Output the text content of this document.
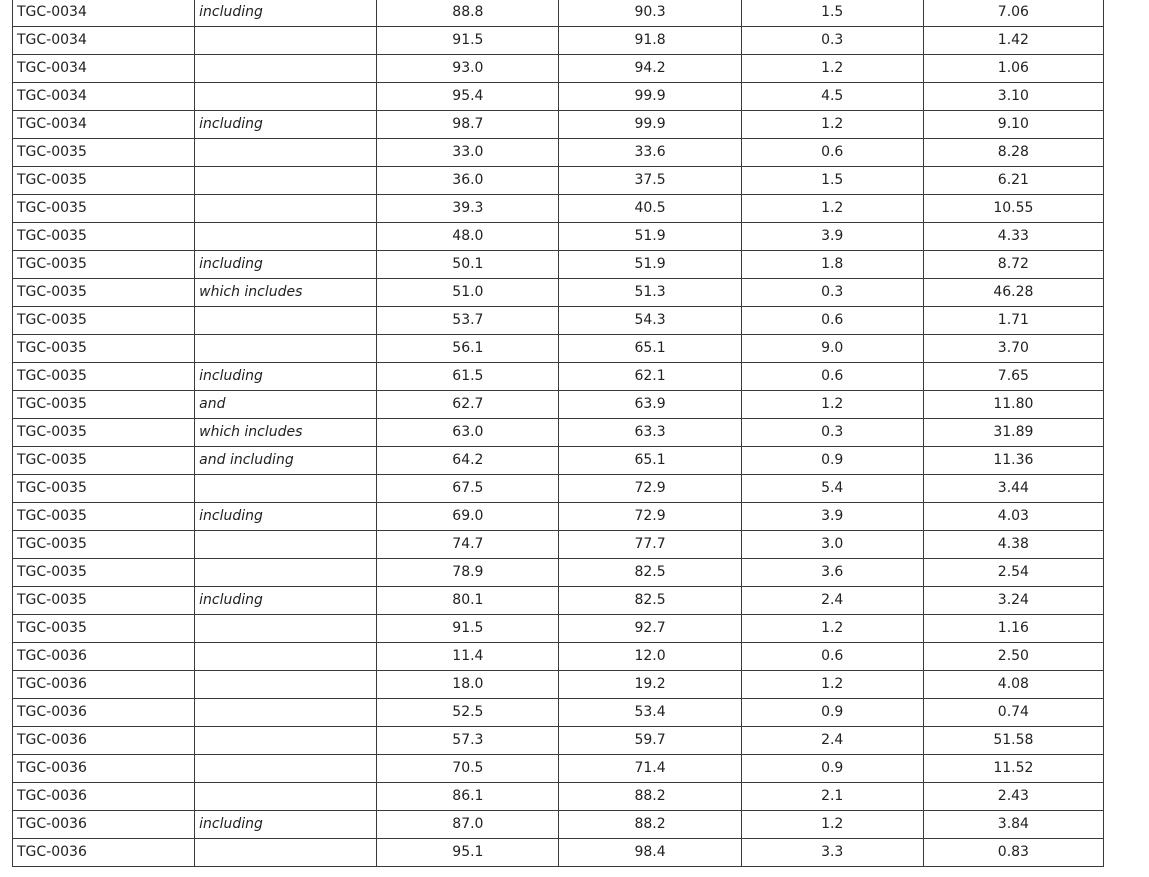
TGC-0034	including	88.8	90.3	1.5	7.06
TGC-0034		91.5	91.8	0.3	1.42
TGC-0034		93.0	94.2	1.2	1.06
TGC-0034		95.4	99.9	4.5	3.10
TGC-0034	including	98.7	99.9	1.2	9.10
TGC-0035		33.0	33.6	0.6	8.28
TGC-0035		36.0	37.5	1.5	6.21
TGC-0035		39.3	40.5	1.2	10.55
TGC-0035		48.0	51.9	3.9	4.33
TGC-0035	including	50.1	51.9	1.8	8.72
TGC-0035	which includes	51.0	51.3	0.3	46.28
TGC-0035		53.7	54.3	0.6	1.71
TGC-0035		56.1	65.1	9.0	3.70
TGC-0035	including	61.5	62.1	0.6	7.65
TGC-0035	and	62.7	63.9	1.2	11.80
TGC-0035	which includes	63.0	63.3	0.3	31.89
TGC-0035	and including	64.2	65.1	0.9	11.36
TGC-0035		67.5	72.9	5.4	3.44
TGC-0035	including	69.0	72.9	3.9	4.03
TGC-0035		74.7	77.7	3.0	4.38
TGC-0035		78.9	82.5	3.6	2.54
TGC-0035	including	80.1	82.5	2.4	3.24
TGC-0035		91.5	92.7	1.2	1.16
TGC-0036		11.4	12.0	0.6	2.50
TGC-0036		18.0	19.2	1.2	4.08
TGC-0036		52.5	53.4	0.9	0.74
TGC-0036		57.3	59.7	2.4	51.58
TGC-0036		70.5	71.4	0.9	11.52
TGC-0036		86.1	88.2	2.1	2.43
TGC-0036	including	87.0	88.2	1.2	3.84
TGC-0036		95.1	98.4	3.3	0.83
